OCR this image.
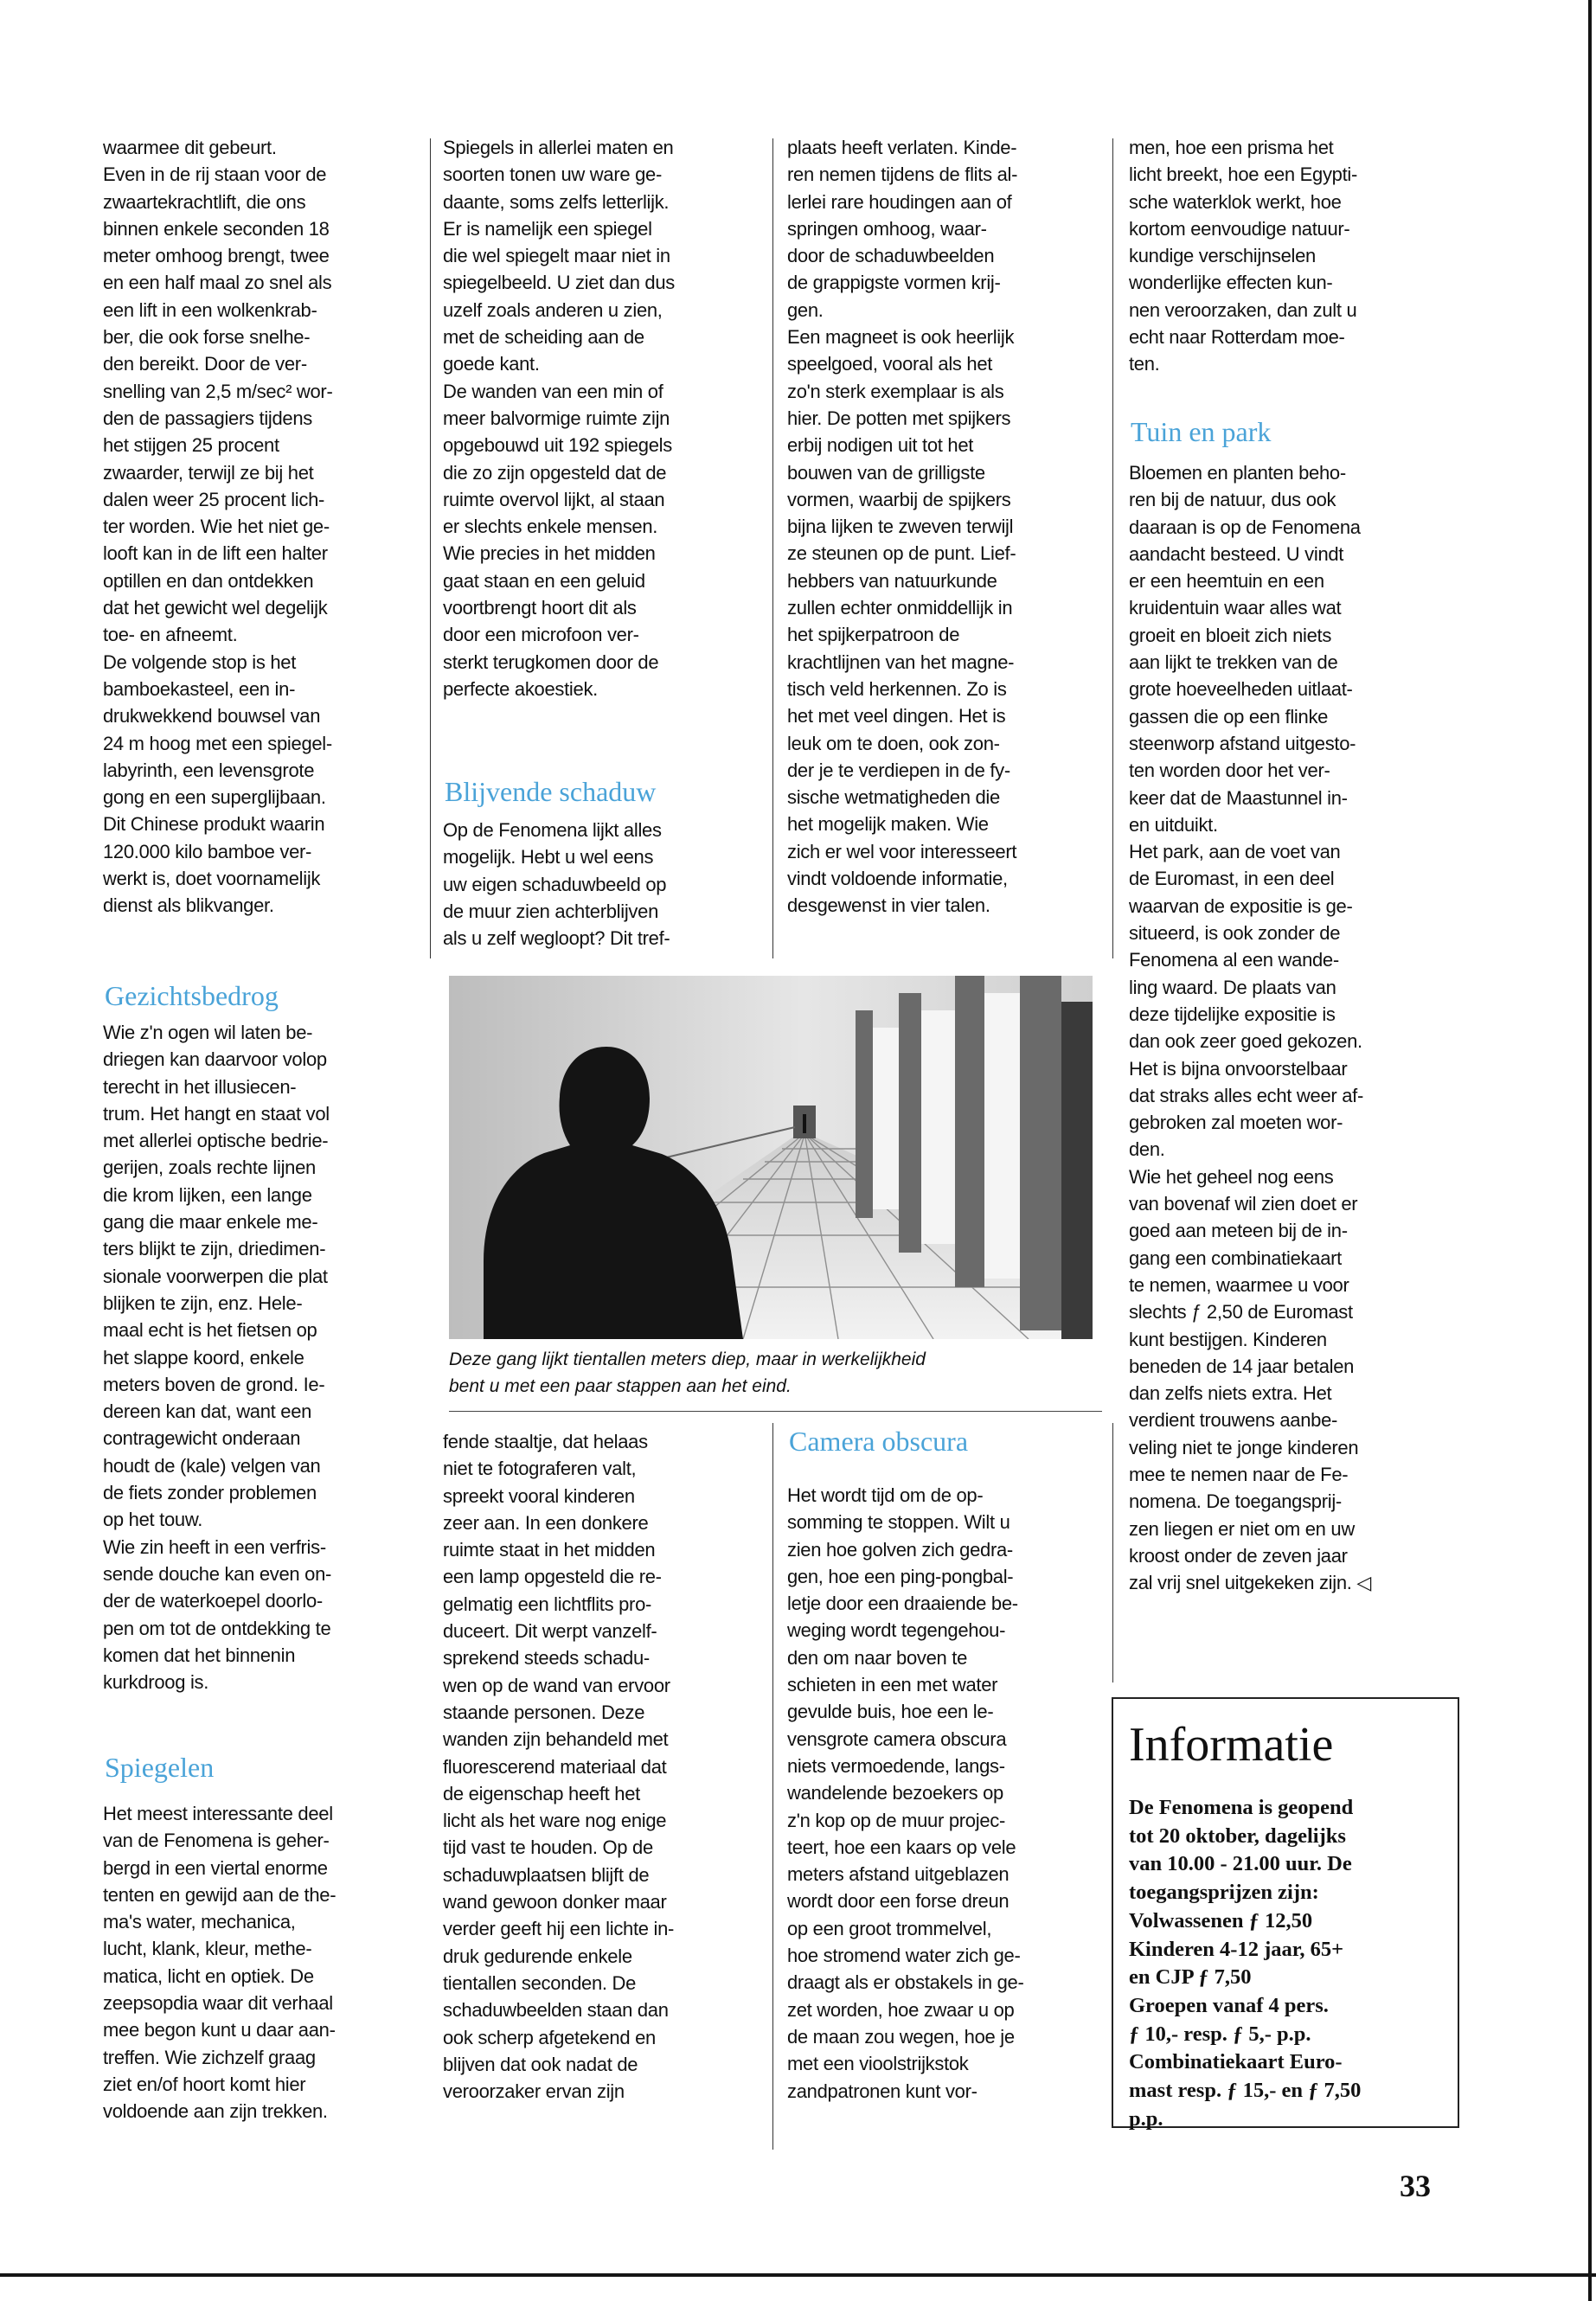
waarmee dit gebeurt.
Even in de rij staan voor de
zwaartekrachtlift, die ons
binnen enkele seconden 18
meter omhoog brengt, twee
en een half maal zo snel als
een lift in een wolkenkrab-
ber, die ook forse snelhe-
den bereikt. Door de ver-
snelling van 2,5 m/sec² wor-
den de passagiers tijdens
het stijgen 25 procent
zwaarder, terwijl ze bij het
dalen weer 25 procent lich-
ter worden. Wie het niet ge-
looft kan in de lift een halter
optillen en dan ontdekken
dat het gewicht wel degelijk
toe- en afneemt.
De volgende stop is het
bamboekasteel, een in-
drukwekkend bouwsel van
24 m hoog met een spiegel-
labyrinth, een levensgrote
gong en een superglijbaan.
Dit Chinese produkt waarin
120.000 kilo bamboe ver-
werkt is, doet voornamelijk
dienst als blikvanger.
Gezichtsbedrog
Wie z'n ogen wil laten be-
driegen kan daarvoor volop
terecht in het illusiecen-
trum. Het hangt en staat vol
met allerlei optische bedrie-
gerijen, zoals rechte lijnen
die krom lijken, een lange
gang die maar enkele me-
ters blijkt te zijn, driedimen-
sionale voorwerpen die plat
blijken te zijn, enz. Hele-
maal echt is het fietsen op
het slappe koord, enkele
meters boven de grond. Ie-
dereen kan dat, want een
contragewicht onderaan
houdt de (kale) velgen van
de fiets zonder problemen
op het touw.
Wie zin heeft in een verfris-
sende douche kan even on-
der de waterkoepel doorlo-
pen om tot de ontdekking te
komen dat het binnenin
kurkdroog is.
Spiegelen
Het meest interessante deel
van de Fenomena is geher-
bergd in een viertal enorme
tenten en gewijd aan de the-
ma's water, mechanica,
lucht, klank, kleur, methe-
matica, licht en optiek. De
zeepsopdia waar dit verhaal
mee begon kunt u daar aan-
treffen. Wie zichzelf graag
ziet en/of hoort komt hier
voldoende aan zijn trekken.
Spiegels in allerlei maten en
soorten tonen uw ware ge-
daante, soms zelfs letterlijk.
Er is namelijk een spiegel
die wel spiegelt maar niet in
spiegelbeeld. U ziet dan dus
uzelf zoals anderen u zien,
met de scheiding aan de
goede kant.
De wanden van een min of
meer balvormige ruimte zijn
opgebouwd uit 192 spiegels
die zo zijn opgesteld dat de
ruimte overvol lijkt, al staan
er slechts enkele mensen.
Wie precies in het midden
gaat staan en een geluid
voortbrengt hoort dit als
door een microfoon ver-
sterkt terugkomen door de
perfecte akoestiek.
Blijvende schaduw
Op de Fenomena lijkt alles
mogelijk. Hebt u wel eens
uw eigen schaduwbeeld op
de muur zien achterblijven
als u zelf wegloopt? Dit tref-
fende staaltje, dat helaas
niet te fotograferen valt,
spreekt vooral kinderen
zeer aan. In een donkere
ruimte staat in het midden
een lamp opgesteld die re-
gelmatig een lichtflits pro-
duceert. Dit werpt vanzelf-
sprekend steeds schadu-
wen op de wand van ervoor
staande personen. Deze
wanden zijn behandeld met
fluorescerend materiaal dat
de eigenschap heeft het
licht als het ware nog enige
tijd vast te houden. Op de
schaduwplaatsen blijft de
wand gewoon donker maar
verder geeft hij een lichte in-
druk gedurende enkele
tientallen seconden. De
schaduwbeelden staan dan
ook scherp afgetekend en
blijven dat ook nadat de
veroorzaker ervan zijn
plaats heeft verlaten. Kinde-
ren nemen tijdens de flits al-
lerlei rare houdingen aan of
springen omhoog, waar-
door de schaduwbeelden
de grappigste vormen krij-
gen.
Een magneet is ook heerlijk
speelgoed, vooral als het
zo'n sterk exemplaar is als
hier. De potten met spijkers
erbij nodigen uit tot het
bouwen van de grilligste
vormen, waarbij de spijkers
bijna lijken te zweven terwijl
ze steunen op de punt. Lief-
hebbers van natuurkunde
zullen echter onmiddellijk in
het spijkerpatroon de
krachtlijnen van het magne-
tisch veld herkennen. Zo is
het met veel dingen. Het is
leuk om te doen, ook zon-
der je te verdiepen in de fy-
sische wetmatigheden die
het mogelijk maken. Wie
zich er wel voor interesseert
vindt voldoende informatie,
desgewenst in vier talen.
Camera obscura
Het wordt tijd om de op-
somming te stoppen. Wilt u
zien hoe golven zich gedra-
gen, hoe een ping-pongbal-
letje door een draaiende be-
weging wordt tegengehou-
den om naar boven te
schieten in een met water
gevulde buis, hoe een le-
vensgrote camera obscura
niets vermoedende, langs-
wandelende bezoekers op
z'n kop op de muur projec-
teert, hoe een kaars op vele
meters afstand uitgeblazen
wordt door een forse dreun
op een groot trommelvel,
hoe stromend water zich ge-
draagt als er obstakels in ge-
zet worden, hoe zwaar u op
de maan zou wegen, hoe je
met een vioolstrijkstok
zandpatronen kunt vor-
men, hoe een prisma het
licht breekt, hoe een Egypti-
sche waterklok werkt, hoe
kortom eenvoudige natuur-
kundige verschijnselen
wonderlijke effecten kun-
nen veroorzaken, dan zult u
echt naar Rotterdam moe-
ten.
Tuin en park
Bloemen en planten beho-
ren bij de natuur, dus ook
daaraan is op de Fenomena
aandacht besteed. U vindt
er een heemtuin en een
kruidentuin waar alles wat
groeit en bloeit zich niets
aan lijkt te trekken van de
grote hoeveelheden uitlaat-
gassen die op een flinke
steenworp afstand uitgesto-
ten worden door het ver-
keer dat de Maastunnel in-
en uitduikt.
Het park, aan de voet van
de Euromast, in een deel
waarvan de expositie is ge-
situeerd, is ook zonder de
Fenomena al een wande-
ling waard. De plaats van
deze tijdelijke expositie is
dan ook zeer goed gekozen.
Het is bijna onvoorstelbaar
dat straks alles echt weer af-
gebroken zal moeten wor-
den.
Wie het geheel nog eens
van bovenaf wil zien doet er
goed aan meteen bij de in-
gang een combinatiekaart
te nemen, waarmee u voor
slechts ƒ 2,50 de Euromast
kunt bestijgen. Kinderen
beneden de 14 jaar betalen
dan zelfs niets extra. Het
verdient trouwens aanbe-
veling niet te jonge kinderen
mee te nemen naar de Fe-
nomena. De toegangsprij-
zen liegen er niet om en uw
kroost onder de zeven jaar
zal vrij snel uitgekeken zijn. ◁
Deze gang lijkt tientallen meters diep, maar in werkelijkheid
bent u met een paar stappen aan het eind.
Informatie
De Fenomena is geopend
tot 20 oktober, dagelijks
van 10.00 - 21.00 uur. De
toegangsprijzen zijn:
Volwassenen ƒ 12,50
Kinderen 4-12 jaar, 65+
en CJP ƒ 7,50
Groepen vanaf 4 pers.
ƒ 10,- resp. ƒ 5,- p.p.
Combinatiekaart Euro-
mast resp. ƒ 15,- en ƒ 7,50
p.p.
33
